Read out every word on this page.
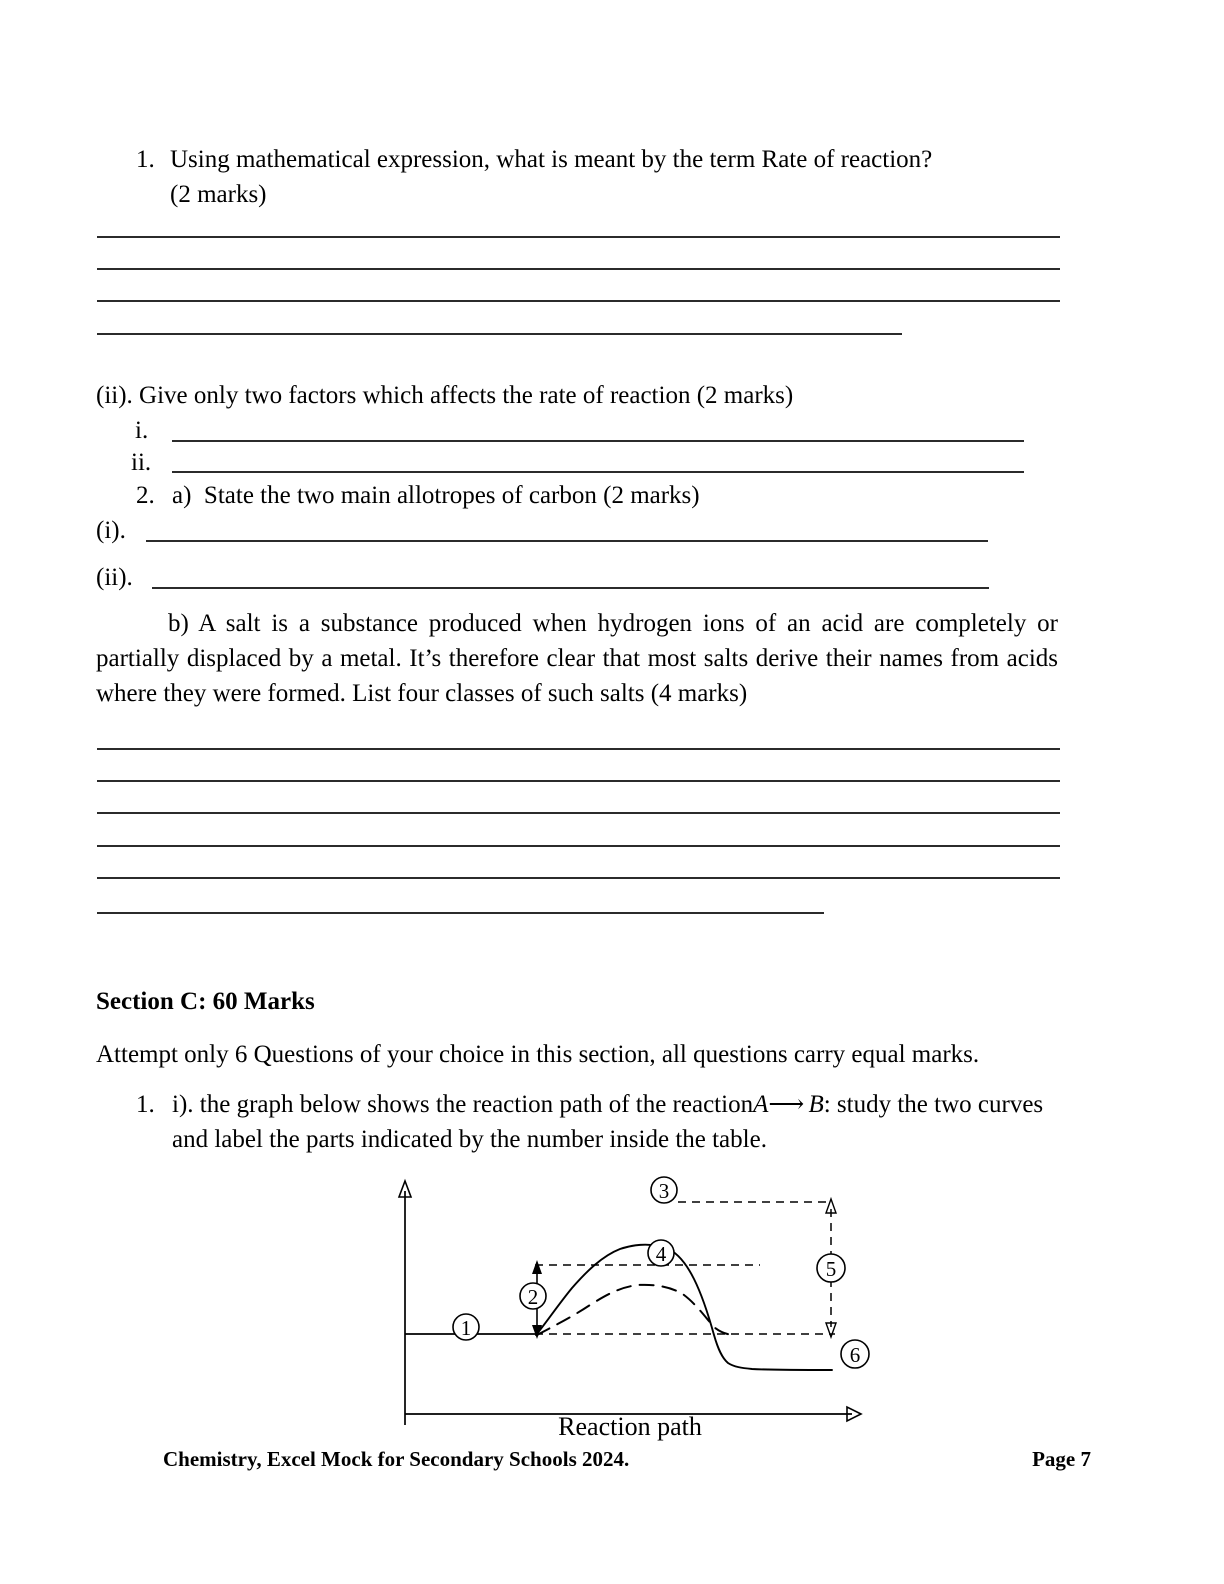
1. Using mathematical expression, what is meant by the term Rate of reaction?
(2 marks)
(ii). Give only two factors which affects the rate of reaction (2 marks)
i.
ii.
2. a) State the two main allotropes of carbon (2 marks)
(i).
(ii).
b) A salt is a substance produced when hydrogen ions of an acid are completely or partially displaced by a metal. It’s therefore clear that most salts derive their names from acids where they were formed. List four classes of such salts (4 marks)
Section C: 60 Marks
Attempt only 6 Questions of your choice in this section, all questions carry equal marks.
1. i). the graph below shows the reaction path of the reactionA⟶ B: study the two curves and label the parts indicated by the number inside the table.
1
2
3
4
5
6
Reaction path
Chemistry, Excel Mock for Secondary Schools 2024.	Page 7
